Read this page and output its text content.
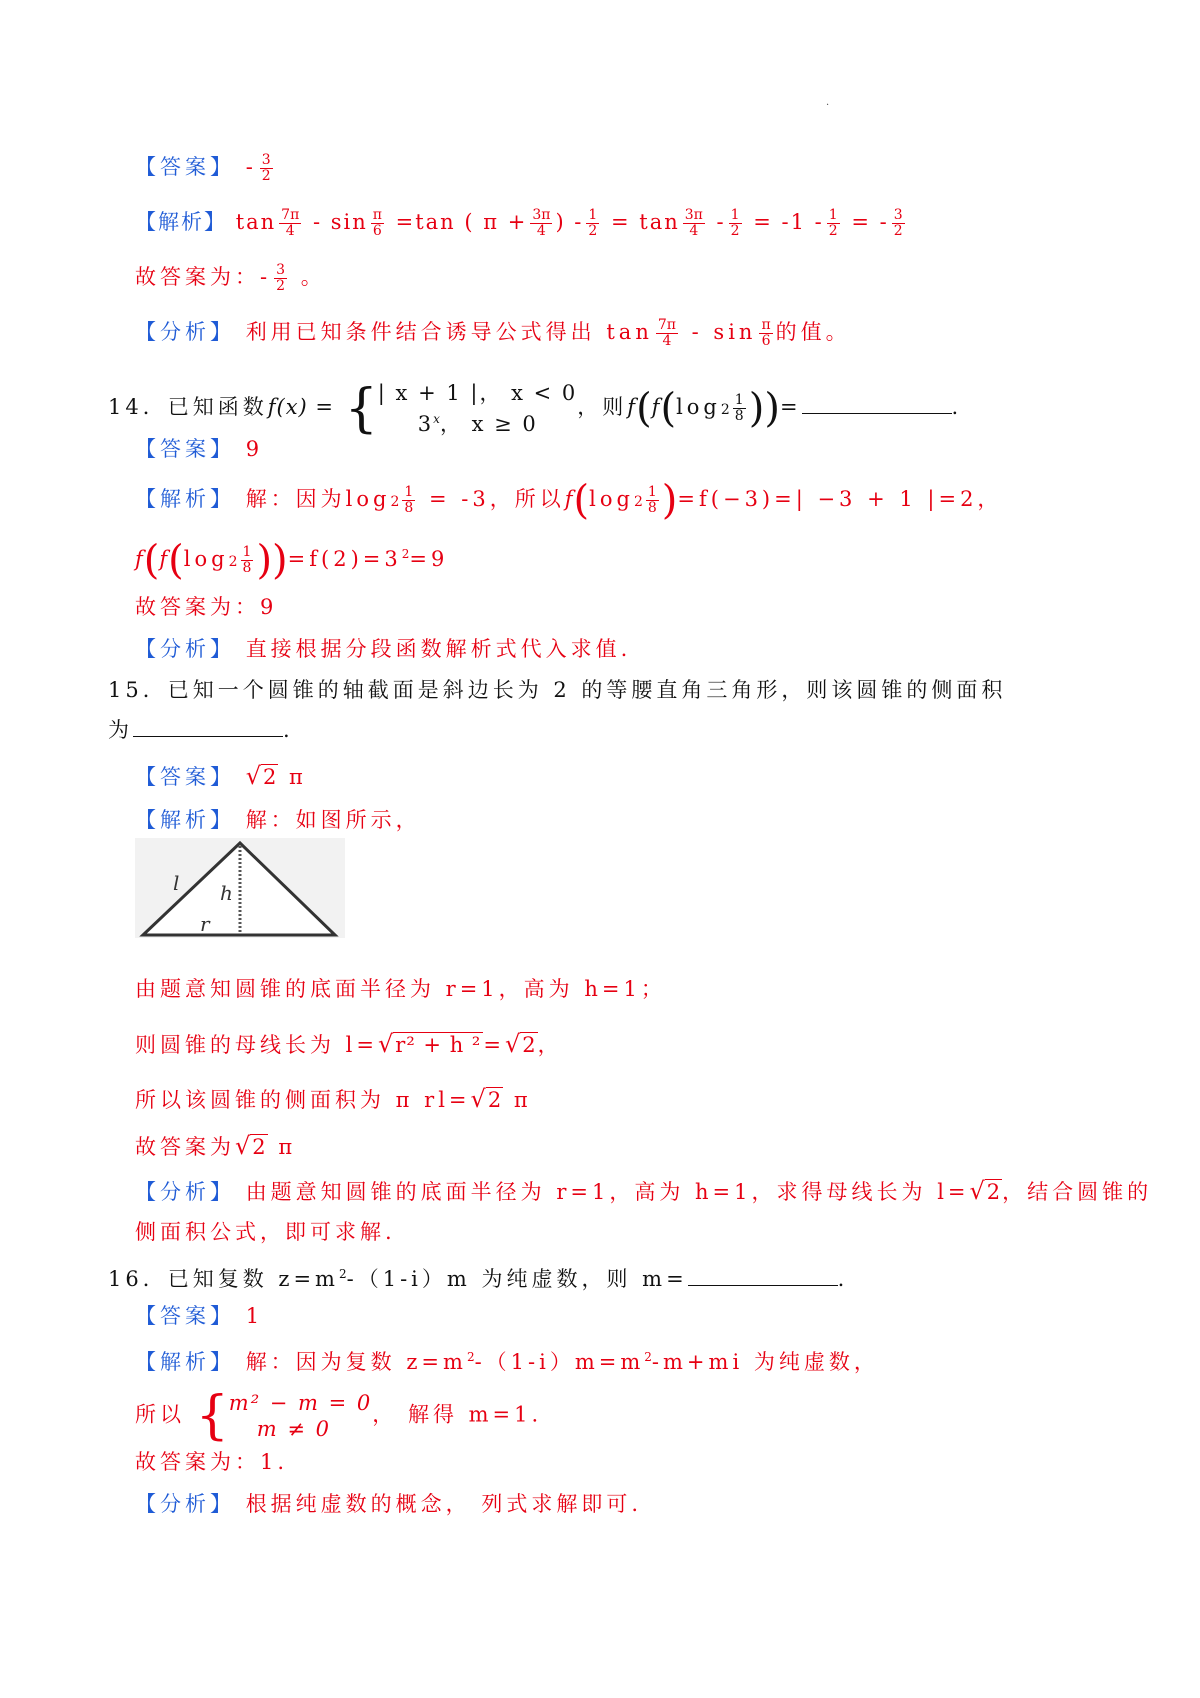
·
【答案】 - $\frac{3}{2}$
【解析】 $\tan \frac{7\pi}{4} - \sin \frac{\pi}{6} =\tan$ ( $\pi + \frac{3\pi}{4}$ ) - $\frac{1}{2} = \tan \frac{3\pi}{4} - \frac{1}{2} = -1 - \frac{1}{2}$ = - $\frac{3}{2}$
故答案为：- $\frac{3}{2}$ 。
【分析】 利用已知条件结合诱导公式得出 $\tan \frac{7\pi}{4}$ - $\sin \frac{\pi}{6}$ 的值。
14．已知函数f(x) = { | x + 1 |， x < 0
3$^x$， x ≥ 0
，则$f(f(\log 2 \frac{1}{8}$ ))=	.
【答案】 9
【解析】 解：因为$\log 2 \frac{1}{8} = -3$，所以$f(\log 2 \frac{1}{8} )=f(-3)=| -3 + 1$ |=2，
$f(f(\log 2 \frac{1}{8} ))=f(2)=3^2=9$
故答案为：9
【分析】 直接根据分段函数解析式代入求值.
15．已知一个圆锥的轴截面是斜边长为 2 的等腰直角三角形，则该圆锥的侧面积
为	.
【答案】 √2 π
【解析】 解：如图所示，
l h
r
由题意知圆锥的底面半径为 r=1，高为 h=1；
则圆锥的母线长为 l=√r² + h ²=√2，
所以该圆锥的侧面积为 π rl=√2 π
故答案为√2 π
【分析】 由题意知圆锥的底面半径为 r=1，高为 h=1，求得母线长为 l=√2，结合圆锥的
侧面积公式，即可求解.
16．已知复数 $z=m^2-(1-i)m$ 为纯虚数，则 m=	.
【答案】 1
【解析】 解：因为复数 $z=m^2-(1-i)m=m^2-m+mi$ 为纯虚数，
所以 { m² − m = 0
m ≠ 0
， 解得 m=1.
故答案为：1.
【分析】 根据纯虚数的概念， 列式求解即可.
